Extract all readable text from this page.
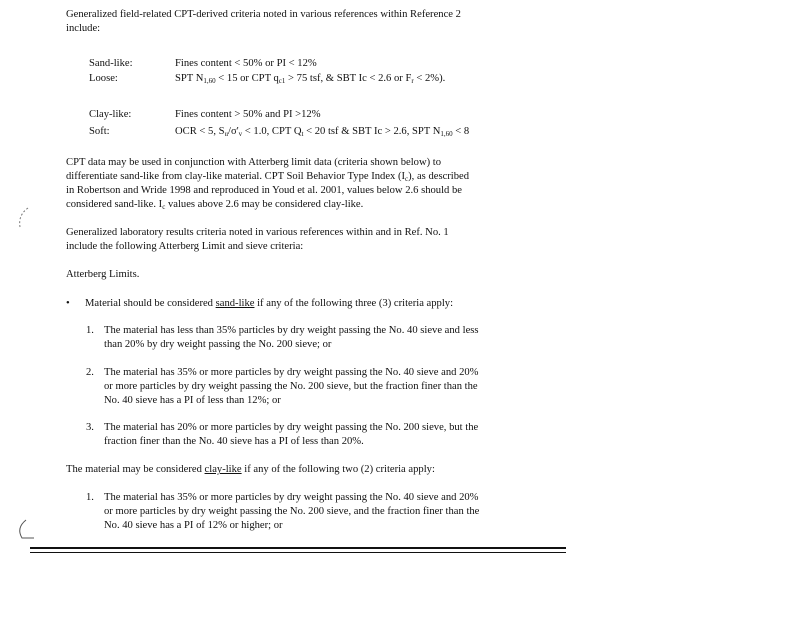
Generalized field-related CPT-derived criteria noted in various references within Reference 2
include:
Sand-like:	Fines content < 50% or PI < 12%
Loose:	SPT $N_{1,60} < 15$ or CPT $q_{c1} > 75$ tsf, & SBT Ic < 2.6 or $F_r < 2\%$).
Clay-like:	Fines content > 50% and PI >12%
Soft:	OCR < 5, $S_u/\sigma'_v < 1.0$, CPT $Q_t < 20$ tsf & SBT Ic > 2.6, SPT $N_{1,60} < 8$
CPT data may be used in conjunction with Atterberg limit data (criteria shown below) to
differentiate sand-like from clay-like material. CPT Soil Behavior Type Index $(I_c)$, as described
in Robertson and Wride 1998 and reproduced in Youd et al. 2001, values below 2.6 should be
considered sand-like. $I_c$ values above 2.6 may be considered clay-like.
Generalized laboratory results criteria noted in various references within and in Ref. No. 1
include the following Atterberg Limit and sieve criteria:
Atterberg Limits.
• Material should be considered sand-like if any of the following three (3) criteria apply:
1. The material has less than 35% particles by dry weight passing the No. 40 sieve and less
than 20% by dry weight passing the No. 200 sieve; or
2. The material has 35% or more particles by dry weight passing the No. 40 sieve and 20%
or more particles by dry weight passing the No. 200 sieve, but the fraction finer than the
No. 40 sieve has a PI of less than 12%; or
3. The material has 20% or more particles by dry weight passing the No. 200 sieve, but the
fraction finer than the No. 40 sieve has a PI of less than 20%.
The material may be considered clay-like if any of the following two (2) criteria apply:
1. The material has 35% or more particles by dry weight passing the No. 40 sieve and 20%
or more particles by dry weight passing the No. 200 sieve, and the fraction finer than the
No. 40 sieve has a PI of 12% or higher; or
